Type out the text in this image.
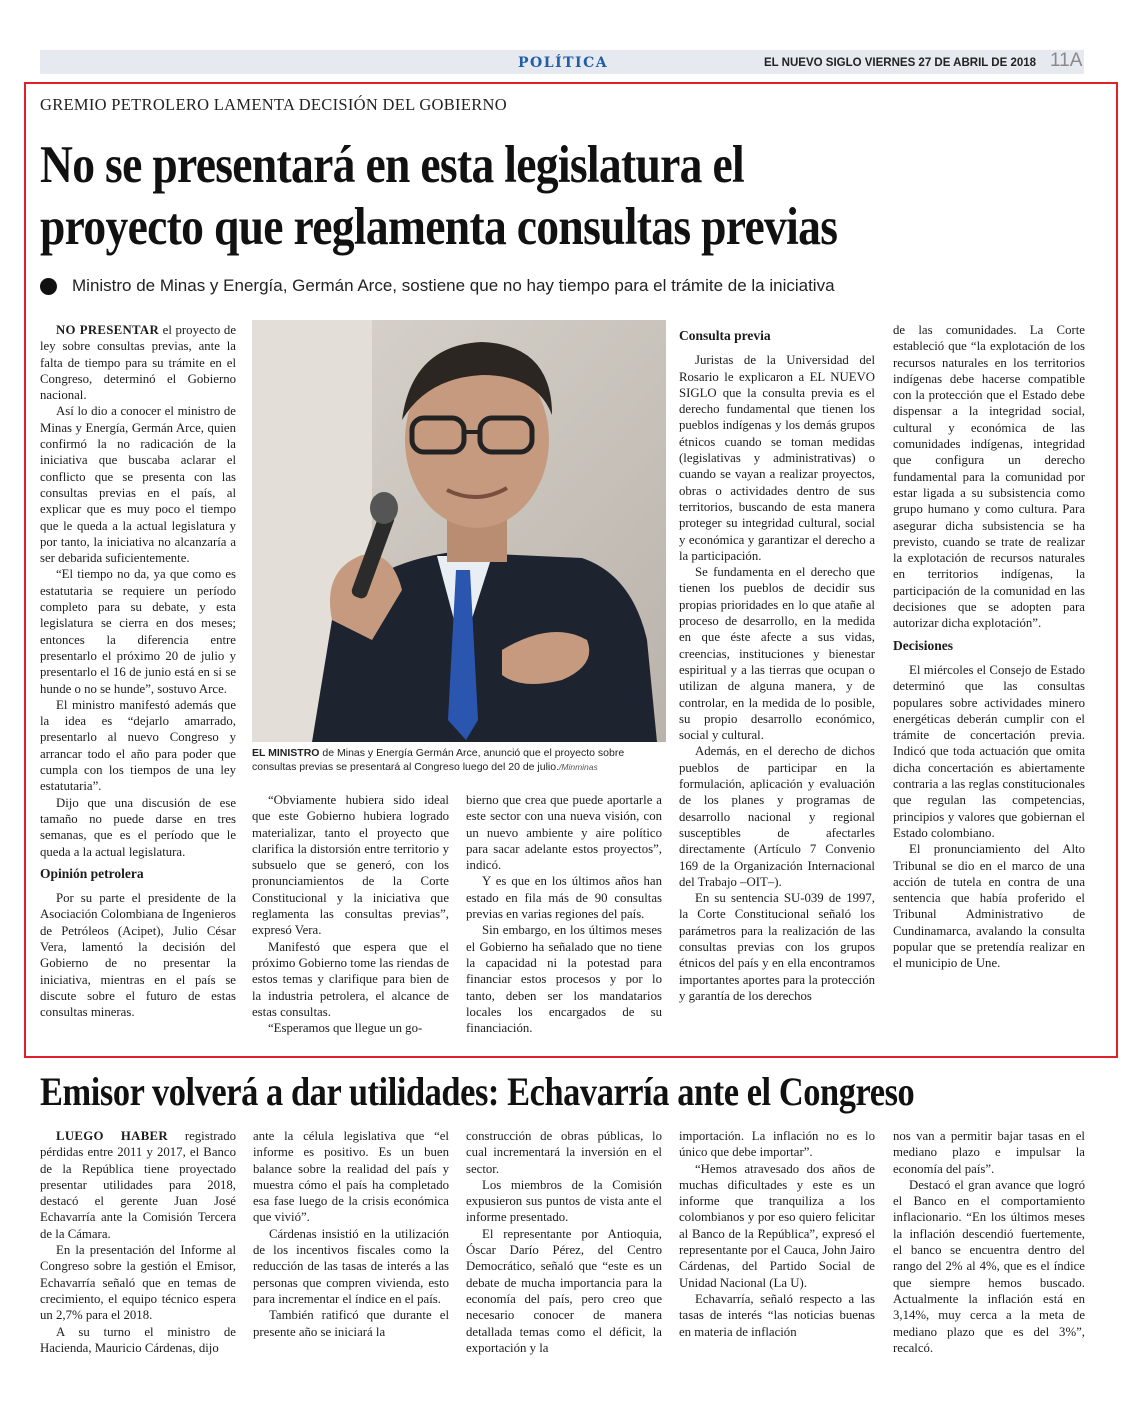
POLÍTICA	EL NUEVO SIGLO VIERNES 27 DE ABRIL DE 2018 11A
GREMIO PETROLERO LAMENTA DECISIÓN DEL GOBIERNO
No se presentará en esta legislatura el
proyecto que reglamenta consultas previas
Ministro de Minas y Energía, Germán Arce, sostiene que no hay tiempo para el trámite de la iniciativa

NO PRESENTAR el proyecto de ley sobre consultas previas, ante la falta de tiempo para su trámite en el Congreso, determinó el Gobierno nacional.

Así lo dio a conocer el ministro de Minas y Energía, Germán Arce, quien confirmó la no radicación de la iniciativa que buscaba aclarar el conflicto que se presenta con las consultas previas en el país, al explicar que es muy poco el tiempo que le queda a la actual legislatura y por tanto, la iniciativa no alcanzaría a ser debarida suficientemente.

“El tiempo no da, ya que como es estatutaria se requiere un período completo para su debate, y esta legislatura se cierra en dos meses; entonces la diferencia entre presentarlo el próximo 20 de julio y presentarlo el 16 de junio está en si se hunde o no se hunde”, sostuvo Arce.

El ministro manifestó además que la idea es “dejarlo amarrado, presentarlo al nuevo Congreso y arrancar todo el año para poder que cumpla con los tiempos de una ley estatutaria”.

Dijo que una discusión de ese tamaño no puede darse en tres semanas, que es el período que le queda a la actual legislatura.

Opinión petrolera

Por su parte el presidente de la Asociación Colombiana de Ingenieros de Petróleos (Acipet), Julio César Vera, lamentó la decisión del Gobierno de no presentar la iniciativa, mientras en el país se discute sobre el futuro de estas consultas mineras.

EL MINISTRO de Minas y Energía Germán Arce, anunció que el proyecto sobre consultas previas se presentará al Congreso luego del 20 de julio./Minminas

“Obviamente hubiera sido ideal que este Gobierno hubiera logrado materializar, tanto el proyecto que clarifica la distorsión entre territorio y subsuelo que se generó, con los pronunciamientos de la Corte Constitucional y la iniciativa que reglamenta las consultas previas”, expresó Vera.

Manifestó que espera que el próximo Gobierno tome las riendas de estos temas y clarifique para bien de la industria petrolera, el alcance de estas consultas.

“Esperamos que llegue un go-

bierno que crea que puede aportarle a este sector con una nueva visión, con un nuevo ambiente y aire político para sacar adelante estos proyectos”, indicó.

Y es que en los últimos años han estado en fila más de 90 consultas previas en varias regiones del país.

Sin embargo, en los últimos meses el Gobierno ha señalado que no tiene la capacidad ni la potestad para financiar estos procesos y por lo tanto, deben ser los mandatarios locales los encargados de su financiación.

Consulta previa

Juristas de la Universidad del Rosario le explicaron a EL NUEVO SIGLO que la consulta previa es el derecho fundamental que tienen los pueblos indígenas y los demás grupos étnicos cuando se toman medidas (legislativas y administrativas) o cuando se vayan a realizar proyectos, obras o actividades dentro de sus territorios, buscando de esta manera proteger su integridad cultural, social y económica y garantizar el derecho a la participación.

Se fundamenta en el derecho que tienen los pueblos de decidir sus propias prioridades en lo que atañe al proceso de desarrollo, en la medida en que éste afecte a sus vidas, creencias, instituciones y bienestar espiritual y a las tierras que ocupan o utilizan de alguna manera, y de controlar, en la medida de lo posible, su propio desarrollo económico, social y cultural.

Además, en el derecho de dichos pueblos de participar en la formulación, aplicación y evaluación de los planes y programas de desarrollo nacional y regional susceptibles de afectarles directamente (Artículo 7 Convenio 169 de la Organización Internacional del Trabajo –OIT–).

En su sentencia SU-039 de 1997, la Corte Constitucional señaló los parámetros para la realización de las consultas previas con los grupos étnicos del país y en ella encontramos importantes aportes para la protección y garantía de los derechos

de las comunidades. La Corte estableció que “la explotación de los recursos naturales en los territorios indígenas debe hacerse compatible con la protección que el Estado debe dispensar a la integridad social, cultural y económica de las comunidades indígenas, integridad que configura un derecho fundamental para la comunidad por estar ligada a su subsistencia como grupo humano y como cultura. Para asegurar dicha subsistencia se ha previsto, cuando se trate de realizar la explotación de recursos naturales en territorios indígenas, la participación de la comunidad en las decisiones que se adopten para autorizar dicha explotación”.

Decisiones

El miércoles el Consejo de Estado determinó que las consultas populares sobre actividades minero energéticas deberán cumplir con el trámite de concertación previa. Indicó que toda actuación que omita dicha concertación es abiertamente contraria a las reglas constitucionales que regulan las competencias, principios y valores que gobiernan el Estado colombiano.

El pronunciamiento del Alto Tribunal se dio en el marco de una acción de tutela en contra de una sentencia que había proferido el Tribunal Administrativo de Cundinamarca, avalando la consulta popular que se pretendía realizar en el municipio de Une.

Emisor volverá a dar utilidades: Echavarría ante el Congreso

LUEGO HABER registrado pérdidas entre 2011 y 2017, el Banco de la República tiene proyectado presentar utilidades para 2018, destacó el gerente Juan José Echavarría ante la Comisión Tercera de la Cámara.

En la presentación del Informe al Congreso sobre la gestión el Emisor, Echavarría señaló que en temas de crecimiento, el equipo técnico espera un 2,7% para el 2018.

A su turno el ministro de Hacienda, Mauricio Cárdenas, dijo

ante la célula legislativa que “el informe es positivo. Es un buen balance sobre la realidad del país y muestra cómo el país ha completado esa fase luego de la crisis económica que vivió”.

Cárdenas insistió en la utilización de los incentivos fiscales como la reducción de las tasas de interés a las personas que compren vivienda, esto para incrementar el índice en el país.

También ratificó que durante el presente año se iniciará la

construcción de obras públicas, lo cual incrementará la inversión en el sector.

Los miembros de la Comisión expusieron sus puntos de vista ante el informe presentado.

El representante por Antioquia, Óscar Darío Pérez, del Centro Democrático, señaló que “este es un debate de mucha importancia para la economía del país, pero creo que necesario conocer de manera detallada temas como el déficit, la exportación y la

importación. La inflación no es lo único que debe importar”.

“Hemos atravesado dos años de muchas dificultades y este es un informe que tranquiliza a los colombianos y por eso quiero felicitar al Banco de la República”, expresó el representante por el Cauca, John Jairo Cárdenas, del Partido Social de Unidad Nacional (La U).

Echavarría, señaló respecto a las tasas de interés “las noticias buenas en materia de inflación

nos van a permitir bajar tasas en el mediano plazo e impulsar la economía del país”.

Destacó el gran avance que logró el Banco en el comportamiento inflacionario. “En los últimos meses la inflación descendió fuertemente, el banco se encuentra dentro del rango del 2% al 4%, que es el índice que siempre hemos buscado. Actualmente la inflación está en 3,14%, muy cerca a la meta de mediano plazo que es del 3%”, recalcó.
